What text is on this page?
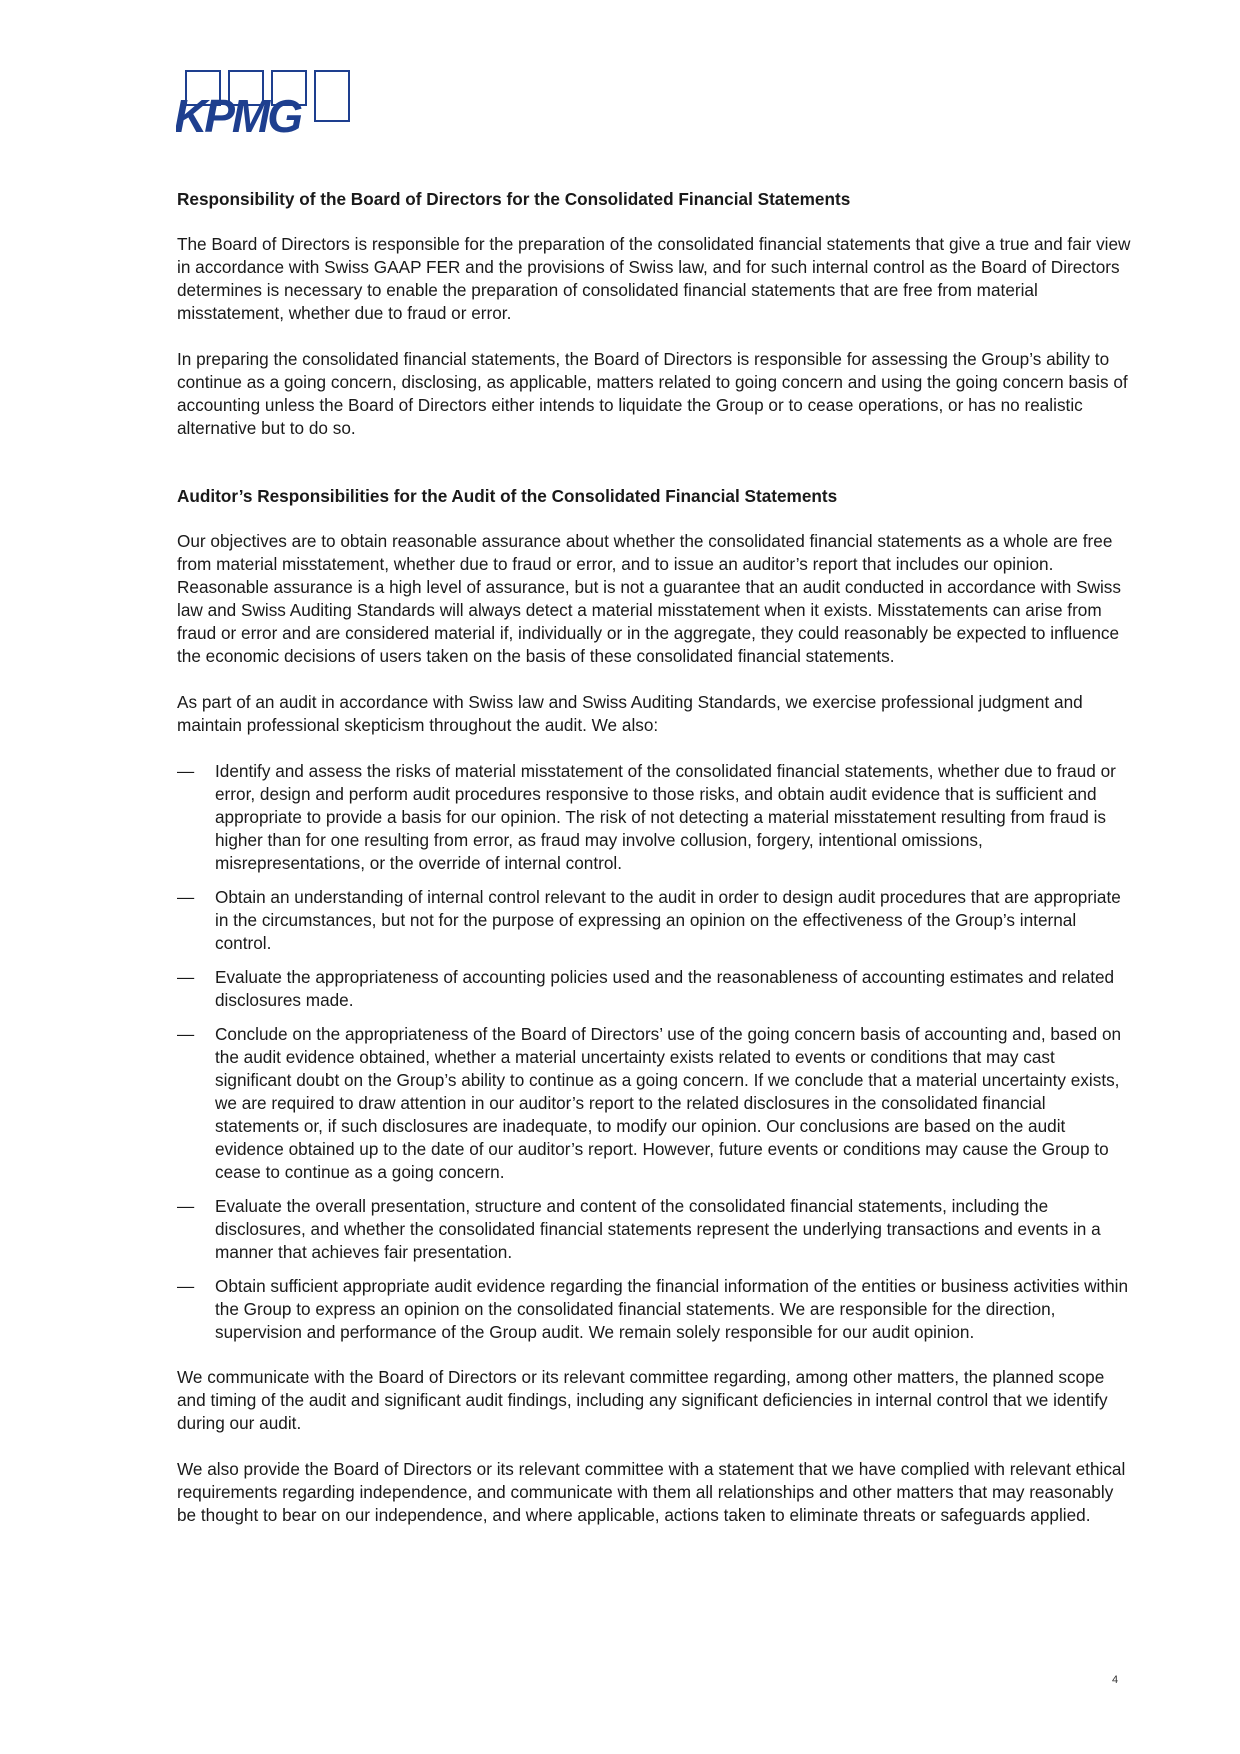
KPMG
Responsibility of the Board of Directors for the Consolidated Financial Statements

The Board of Directors is responsible for the preparation of the consolidated financial statements that give a true and fair view in accordance with Swiss GAAP FER and the provisions of Swiss law, and for such internal control as the Board of Directors determines is necessary to enable the preparation of consolidated financial statements that are free from material misstatement, whether due to fraud or error.

In preparing the consolidated financial statements, the Board of Directors is responsible for assessing the Group’s ability to continue as a going concern, disclosing, as applicable, matters related to going concern and using the going concern basis of accounting unless the Board of Directors either intends to liquidate the Group or to cease operations, or has no realistic alternative but to do so.

Auditor’s Responsibilities for the Audit of the Consolidated Financial Statements

Our objectives are to obtain reasonable assurance about whether the consolidated financial statements as a whole are free from material misstatement, whether due to fraud or error, and to issue an auditor’s report that includes our opinion. Reasonable assurance is a high level of assurance, but is not a guarantee that an audit conducted in accordance with Swiss law and Swiss Auditing Standards will always detect a material misstatement when it exists. Misstatements can arise from fraud or error and are considered material if, individually or in the aggregate, they could reasonably be expected to influence the economic decisions of users taken on the basis of these consolidated financial statements.

As part of an audit in accordance with Swiss law and Swiss Auditing Standards, we exercise professional judgment and maintain professional skepticism throughout the audit. We also:

— Identify and assess the risks of material misstatement of the consolidated financial statements, whether due to fraud or error, design and perform audit procedures responsive to those risks, and obtain audit evidence that is sufficient and appropriate to provide a basis for our opinion. The risk of not detecting a material misstatement resulting from fraud is higher than for one resulting from error, as fraud may involve collusion, forgery, intentional omissions, misrepresentations, or the override of internal control.
— Obtain an understanding of internal control relevant to the audit in order to design audit procedures that are appropriate in the circumstances, but not for the purpose of expressing an opinion on the effectiveness of the Group’s internal control.
— Evaluate the appropriateness of accounting policies used and the reasonableness of accounting estimates and related disclosures made.
— Conclude on the appropriateness of the Board of Directors’ use of the going concern basis of accounting and, based on the audit evidence obtained, whether a material uncertainty exists related to events or conditions that may cast significant doubt on the Group’s ability to continue as a going concern. If we conclude that a material uncertainty exists, we are required to draw attention in our auditor’s report to the related disclosures in the consolidated financial statements or, if such disclosures are inadequate, to modify our opinion. Our conclusions are based on the audit evidence obtained up to the date of our auditor’s report. However, future events or conditions may cause the Group to cease to continue as a going concern.
— Evaluate the overall presentation, structure and content of the consolidated financial statements, including the disclosures, and whether the consolidated financial statements represent the underlying transactions and events in a manner that achieves fair presentation.
— Obtain sufficient appropriate audit evidence regarding the financial information of the entities or business activities within the Group to express an opinion on the consolidated financial statements. We are responsible for the direction, supervision and performance of the Group audit. We remain solely responsible for our audit opinion.

We communicate with the Board of Directors or its relevant committee regarding, among other matters, the planned scope and timing of the audit and significant audit findings, including any significant deficiencies in internal control that we identify during our audit.

We also provide the Board of Directors or its relevant committee with a statement that we have complied with relevant ethical requirements regarding independence, and communicate with them all relationships and other matters that may reasonably be thought to bear on our independence, and where applicable, actions taken to eliminate threats or safeguards applied.

4
